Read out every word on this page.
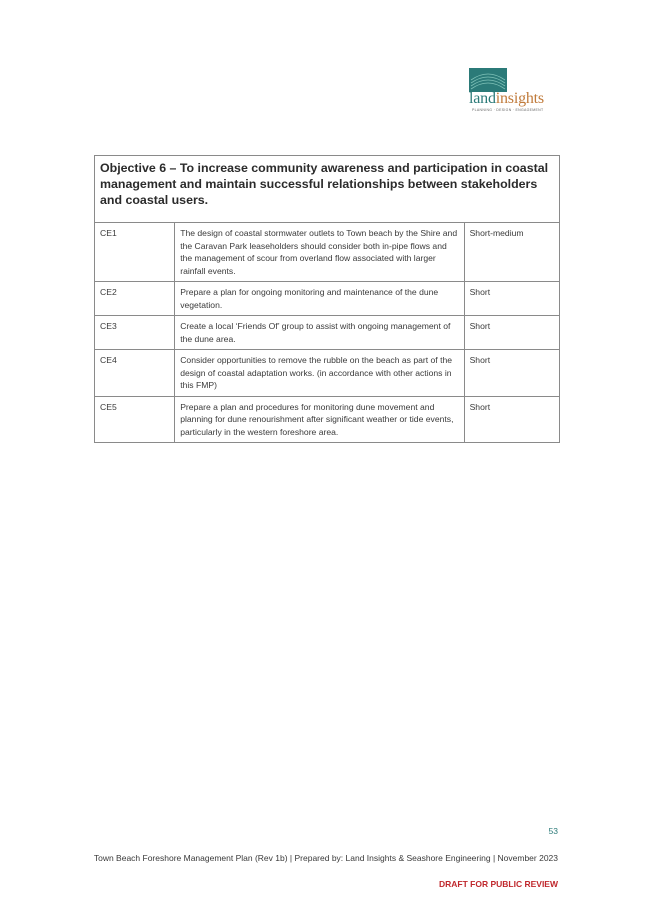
landinsights
PLANNING · DESIGN · ENGAGEMENT
Objective 6 – To increase community awareness and participation in coastal management and maintain successful relationships between stakeholders and coastal users.		
CE1	The design of coastal stormwater outlets to Town beach by the Shire and the Caravan Park leaseholders should consider both in-pipe flows and the management of scour from overland flow associated with larger rainfall events.	Short-medium
CE2	Prepare a plan for ongoing monitoring and maintenance of the dune vegetation.	Short
CE3	Create a local ‘Friends Of’ group to assist with ongoing management of the dune area.	Short
CE4	Consider opportunities to remove the rubble on the beach as part of the design of coastal adaptation works. (in accordance with other actions in this FMP)	Short
CE5	Prepare a plan and procedures for monitoring dune movement and planning for dune renourishment after significant weather or tide events, particularly in the western foreshore area.	Short
53
Town Beach Foreshore Management Plan (Rev 1b) | Prepared by: Land Insights & Seashore Engineering | November 2023
DRAFT FOR PUBLIC REVIEW
